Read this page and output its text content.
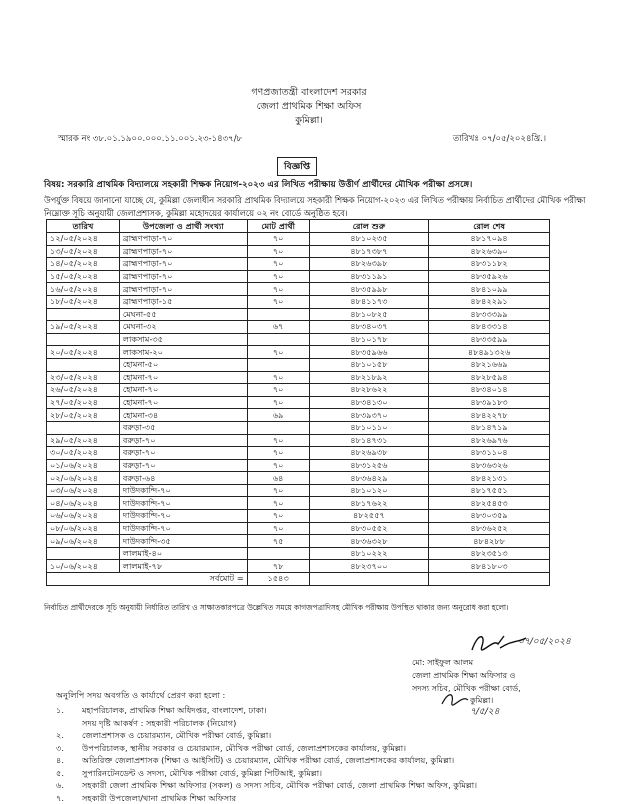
গণপ্রজাতন্ত্রী বাংলাদেশ সরকার
জেলা প্রাথমিক শিক্ষা অফিস
কুমিল্লা।
স্মারক নং ৩৮.০১.১৯০০.০০০.১১.০০১.২৩-১৪৩৭/৮	তারিখঃ ০৭/০৫/২০২৪খ্রি.।
বিজ্ঞপ্তি
বিষয়: সরকারি প্রাথমিক বিদ্যালয়ে সহকারী শিক্ষক নিয়োগ-২০২৩ এর লিখিত পরীক্ষায় উত্তীর্ণ প্রার্থীদের মৌখিক পরীক্ষা প্রসঙ্গে।
উপর্যুক্ত বিষয়ে জানানো যাচ্ছে যে, কুমিল্লা জেলাধীন সরকারি প্রাথমিক বিদ্যালয়ে সহকারী শিক্ষক নিয়োগ-২০২৩ এর লিখিত পরীক্ষায় নির্বাচিত প্রার্থীদের মৌখিক পরীক্ষা নিম্নোক্ত সূচি অনুযায়ী জেলাপ্রশাসক, কুমিল্লা মহোদয়ের কার্যালয়ে ০২ নং বোর্ডে অনুষ্ঠিত হবে।
তারিখ	উপজেলা ও প্রার্থী সংখ্যা	মোট প্রার্থী	রোল শুরু	রোল শেষ
১২/০৫/২০২৪	ব্রাহ্মণপাড়া-৭০	৭০	৪৮১০২৩৫	৪৮১৭০৯৪
১৩/০৫/২০২৪	ব্রাহ্মণপাড়া-৭০	৭০	৪৮১৭৩৮৭	৪৮২৬৩৯০
১৪/০৫/২০২৪	ব্রাহ্মণপাড়া-৭০	৭০	৪৮২৬৩৯৮	৪৮৩১১৮২
১৫/০৫/২০২৪	ব্রাহ্মণপাড়া-৭০	৭০	৪৮৩১১৯১	৪৮৩৫৯২৬
১৬/০৫/২০২৪	ব্রাহ্মণপাড়া-৭০	৭০	৪৮৩৫৯৯৮	৪৮৪১০৯৯
১৮/০৫/২০২৪	ব্রাহ্মণপাড়া-১৫	৭০	৪৮৪১১৭৩	৪৮৪২২৯১
	মেঘনা-৫৫		৪৮১০৮২৫	৪৮৩৩৩৯৯
১৯/০৫/২০২৪	মেঘনা-৩২	৬৭	৪৮৩৪০৩৭	৪৮৪৩৩১৪
	লাকসাম-৩৫		৪৮১০১৭৮	৪৮৩৩৫৯৯
২০/০৫/২০২৪	লাকসাম-২০	৭০	৪৮৩৫৯৬৬	৪৮৪৯১৩২৬
	হোমনা-৫০		৪৮১০১৫৮	৪৮২১৬৬৯
২৩/০৫/২০২৪	হোমনা-৭০	৭০	৪৮২১৮৯২	৪৮২৮৫৯৪
২৬/০৫/২০২৪	হোমনা-৭০	৭০	৪৮২৮৬২২	৪৮৩৪০১৪
২৭/০৫/২০২৪	হোমনা-৭০	৭০	৪৮৩৪১৩০	৪৮৩৯১৮৩
২৮/০৫/২০২৪	হোমনা-৩৪	৬৯	৪৮৩৯৩৭০	৪৮৪২২৭৮
	বরুড়া-৩৫		৪৮১০১১০	৪৮১৪৭১৯
২৯/০৫/২০২৪	বরুড়া-৭০	৭০	৪৮১৪৭৩১	৪৮২৬৯৭৬
৩০/০৫/২০২৪	বরুড়া-৭০	৭০	৪৮২৬৯৩৮	৪৮৩১১০৪
০১/০৬/২০২৪	বরুড়া-৭০	৭০	৪৮৩১২৫৬	৪৮৩৬৩২৬
০২/০৬/২০২৪	বরুড়া-৬৪	৬৪	৪৮৩৬৪২৯	৪৮৪২১৩১
০৩/০৬/২০২৪	দাউদকান্দি-৭০	৭০	৪৮১০১২০	৪৮১৭৫৫১
০৪/০৬/২০২৪	দাউদকান্দি-৭০	৭০	৪৮১৭৬২২	৪৮২৫৪৫৩
০৬/০৬/২০২৪	দাউদকান্দি-৭০	৭০	৪৮২৫৫৭	৪৮৩০৩৫৯
০৮/০৬/২০২৪	দাউদকান্দি-৭০	৭০	৪৮৩০৫৫২	৪৮৩৬২৫২
০৯/০৬/২০২৪	দাউদকান্দি-৩৫	৭৫	৪৮৩৬৩২৮	৪৮৪২৮৮
	লালমাই-৪০		৪৮১০২২২	৪৮২৩৫১৩
১০/০৬/২০২৪	লালমাই-৭৮	৭৮	৪৮২৩৭০০	৪৮৪১৮০৩
সর্বমোট =		১৫৪৩		
নির্বাচিত প্রার্থীদেরকে সূচি অনুযায়ী নির্ধারিত তারিখ ও সাক্ষাতকারপত্রে উল্লেখিত সময়ে কাগজপত্রাদিসহ মৌখিক পরীক্ষায় উপস্থিত থাকার জন্য অনুরোধ করা হলো।
০৭/০৫/২০২৪
মো: সাইফুল আলম
জেলা প্রাথমিক শিক্ষা অফিসার ও
সদস্য সচিব, মৌখিক পরীক্ষা বোর্ড,
কুমিল্লা।
৭/৫/২৪
অনুলিপি সদয় অবগতি ও কার্যার্থে প্রেরণ করা হলো :
১.	মহাপরিচালক, প্রাথমিক শিক্ষা অধিদপ্তর, বাংলাদেশ, ঢাকা।
সদয় দৃষ্টি আকর্ষণ : সহকারী পরিচালক (নিয়োগ)
২.	জেলাপ্রশাসক ও চেয়ারম্যান, মৌখিক পরীক্ষা বোর্ড, কুমিল্লা।
৩.	উপপরিচালক, স্থানীয় সরকার ও চেয়ারম্যান, মৌখিক পরীক্ষা বোর্ড, জেলাপ্রশাসকের কার্যালয়, কুমিল্লা।
৪.	অতিরিক্ত জেলাপ্রশাসক (শিক্ষা ও আইসিটি) ও চেয়ারম্যান, মৌখিক পরীক্ষা বোর্ড, জেলাপ্রশাসকের কার্যালয়, কুমিল্লা।
৫.	সুপারিনটেনডেন্ট ও সদস্য, মৌখিক পরীক্ষা বোর্ড, কুমিল্লা পিটিআই, কুমিল্লা।
৬.	সহকারী জেলা প্রাথমিক শিক্ষা অফিসার (সকল) ও সদস্য সচিব, মৌখিক পরীক্ষা বোর্ড, জেলা প্রাথমিক শিক্ষা অফিস, কুমিল্লা।
৭.	সহকারী উপজেলা/থানা প্রাথমিক শিক্ষা অফিসার
